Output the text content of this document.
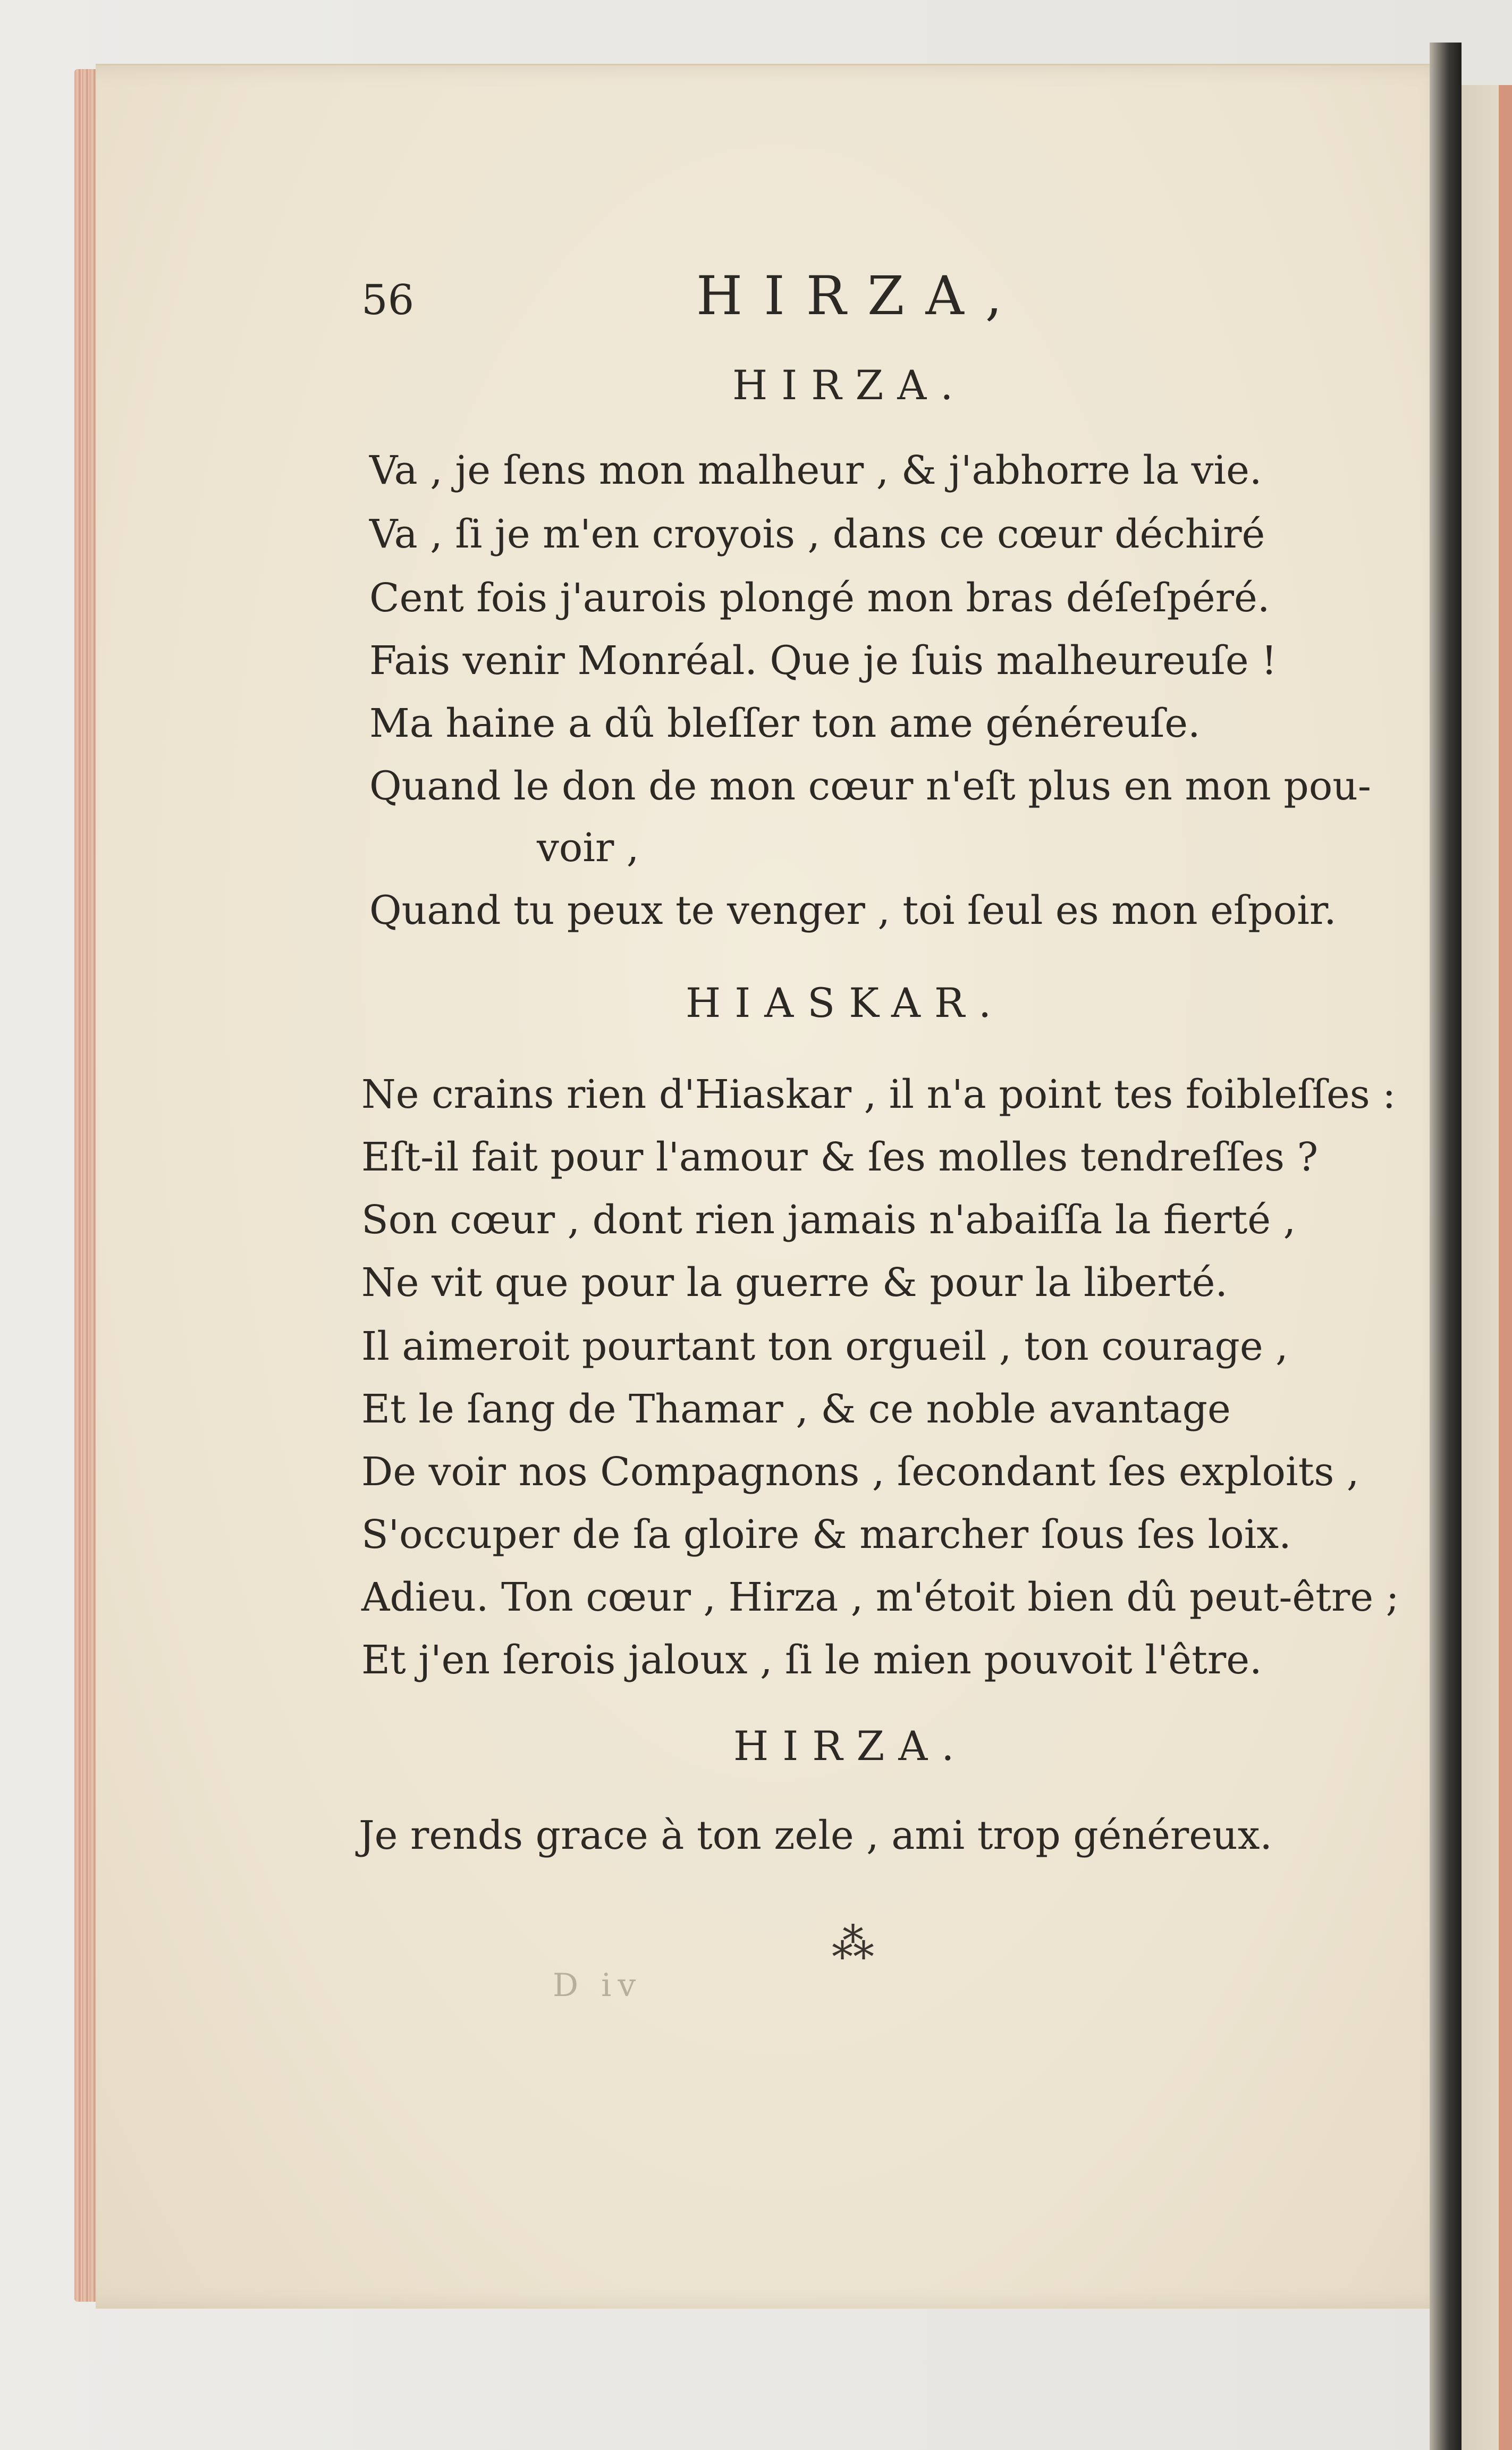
56	HIRZA,
HIRZA.
Va , je ſens mon malheur , & j'abhorre la vie.
Va , ſi je m'en croyois , dans ce cœur déchiré
Cent fois j'aurois plongé mon bras déſeſpéré.
Fais venir Monréal. Que je ſuis malheureuſe !
Ma haine a dû bleſſer ton ame généreuſe.
Quand le don de mon cœur n'eſt plus en mon pou-
voir ,
Quand tu peux te venger , toi ſeul es mon eſpoir.
HIASKAR.
Ne crains rien d'Hiaskar , il n'a point tes foibleſſes :
Eſt-il fait pour l'amour & ſes molles tendreſſes ?
Son cœur , dont rien jamais n'abaiſſa la fierté ,
Ne vit que pour la guerre & pour la liberté.
Il aimeroit pourtant ton orgueil , ton courage ,
Et le ſang de Thamar , & ce noble avantage
De voir nos Compagnons , ſecondant ſes exploits ,
S'occuper de ſa gloire & marcher ſous ſes loix.
Adieu. Ton cœur , Hirza , m'étoit bien dû peut-être ;
Et j'en ſerois jaloux , ſi le mien pouvoit l'être.
HIRZA.
Je rends grace à ton zele , ami trop généreux.
⁂
D iv
